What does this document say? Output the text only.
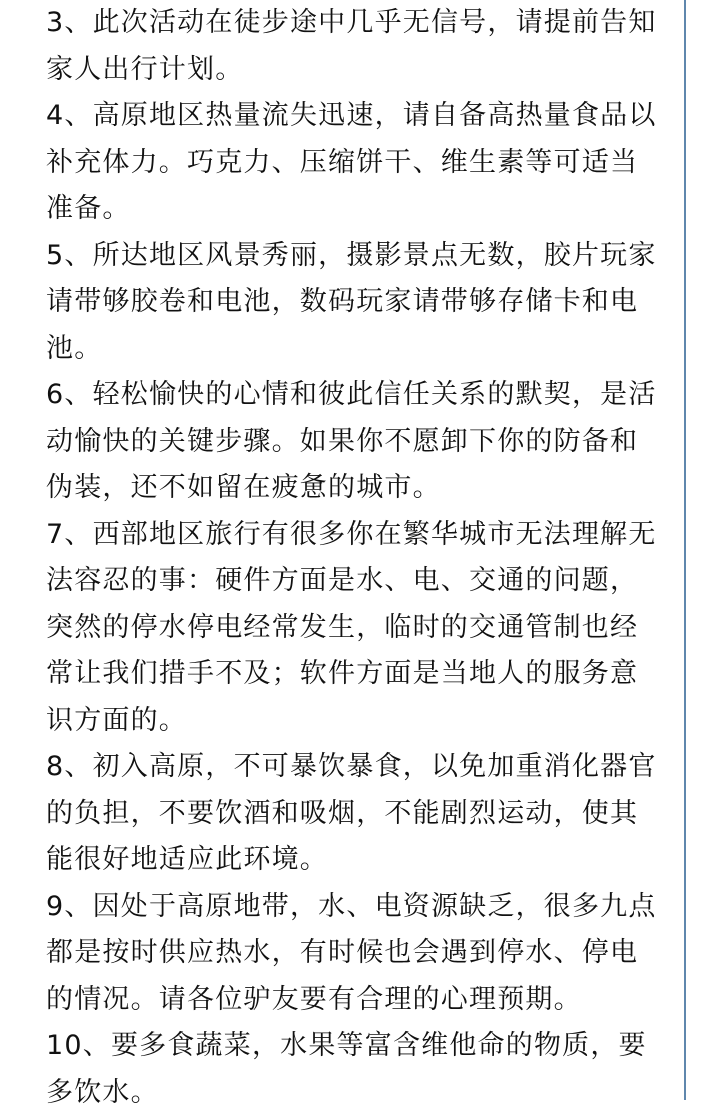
3、此次活动在徒步途中几乎无信号，请提前告知家人出行计划。

4、高原地区热量流失迅速，请自备高热量食品以补充体力。巧克力、压缩饼干、维生素等可适当准备。

5、所达地区风景秀丽，摄影景点无数，胶片玩家请带够胶卷和电池，数码玩家请带够存储卡和电池。

6、轻松愉快的心情和彼此信任关系的默契，是活动愉快的关键步骤。如果你不愿卸下你的防备和伪装，还不如留在疲惫的城市。

7、西部地区旅行有很多你在繁华城市无法理解无法容忍的事：硬件方面是水、电、交通的问题，突然的停水停电经常发生，临时的交通管制也经常让我们措手不及；软件方面是当地人的服务意识方面的。

8、初入高原，不可暴饮暴食，以免加重消化器官的负担，不要饮酒和吸烟，不能剧烈运动，使其能很好地适应此环境。

9、因处于高原地带，水、电资源缺乏，很多九点都是按时供应热水，有时候也会遇到停水、停电的情况。请各位驴友要有合理的心理预期。

10、要多食蔬菜，水果等富含维他命的物质，要多饮水。
